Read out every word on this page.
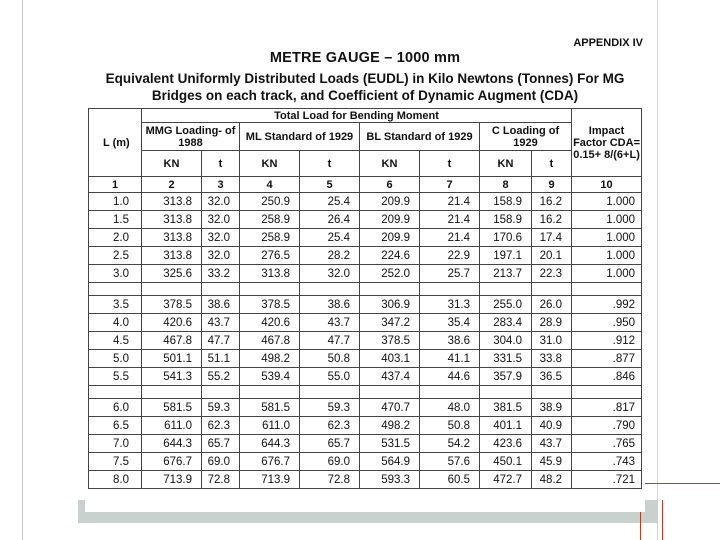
APPENDIX IV
METRE GAUGE – 1000 mm
Equivalent Uniformly Distributed Loads (EUDL) in Kilo Newtons (Tonnes) For MG
Bridges on each track, and Coefficient of Dynamic Augment (CDA)
L (m)	Total Load for Bending Moment								Impact Factor CDA= 0.15+ 8/(6+L)
	MMG Loading- of 1988		ML Standard of 1929		BL Standard of 1929		C Loading of 1929		
	KN	t	KN	t	KN	t	KN	t	
1	2	3	4	5	6	7	8	9	10
1.0	313.8	32.0	250.9	25.4	209.9	21.4	158.9	16.2	1.000
1.5	313.8	32.0	258.9	26.4	209.9	21.4	158.9	16.2	1.000
2.0	313.8	32.0	258.9	25.4	209.9	21.4	170.6	17.4	1.000
2.5	313.8	32.0	276.5	28.2	224.6	22.9	197.1	20.1	1.000
3.0	325.6	33.2	313.8	32.0	252.0	25.7	213.7	22.3	1.000

3.5	378.5	38.6	378.5	38.6	306.9	31.3	255.0	26.0	.992
4.0	420.6	43.7	420.6	43.7	347.2	35.4	283.4	28.9	.950
4.5	467.8	47.7	467.8	47.7	378.5	38.6	304.0	31.0	.912
5.0	501.1	51.1	498.2	50.8	403.1	41.1	331.5	33.8	.877
5.5	541.3	55.2	539.4	55.0	437.4	44.6	357.9	36.5	.846

6.0	581.5	59.3	581.5	59.3	470.7	48.0	381.5	38.9	.817
6.5	611.0	62.3	611.0	62.3	498.2	50.8	401.1	40.9	.790
7.0	644.3	65.7	644.3	65.7	531.5	54.2	423.6	43.7	.765
7.5	676.7	69.0	676.7	69.0	564.9	57.6	450.1	45.9	.743
8.0	713.9	72.8	713.9	72.8	593.3	60.5	472.7	48.2	.721
